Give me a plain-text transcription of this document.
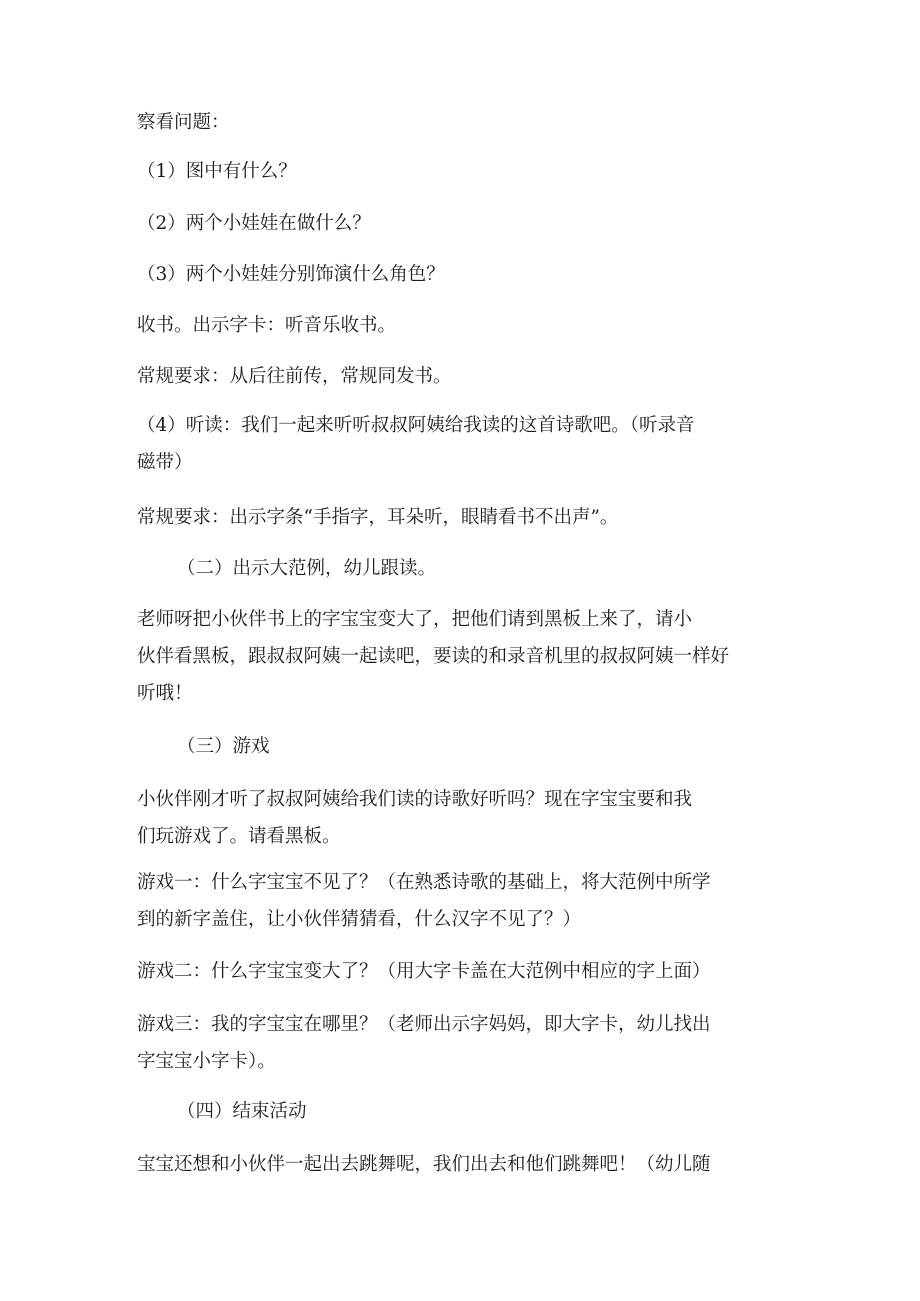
察看问题：

（1）图中有什么？

（2）两个小娃娃在做什么？

（3）两个小娃娃分别饰演什么角色？

收书。出示字卡：听音乐收书。

常规要求：从后往前传，常规同发书。

（4）听读：我们一起来听听叔叔阿姨给我读的这首诗歌吧。（听录音
磁带）

常规要求：出示字条“手指字，耳朵听，眼睛看书不出声”。

（二）出示大范例，幼儿跟读。

老师呀把小伙伴书上的字宝宝变大了，把他们请到黑板上来了，请小
伙伴看黑板，跟叔叔阿姨一起读吧，要读的和录音机里的叔叔阿姨一样好
听哦！

（三）游戏

小伙伴刚才听了叔叔阿姨给我们读的诗歌好听吗？现在字宝宝要和我
们玩游戏了。请看黑板。

游戏一：什么字宝宝不见了？（在熟悉诗歌的基础上，将大范例中所学
到的新字盖住，让小伙伴猜猜看，什么汉字不见了？）

游戏二：什么字宝宝变大了？（用大字卡盖在大范例中相应的字上面）

游戏三：我的字宝宝在哪里？（老师出示字妈妈，即大字卡，幼儿找出
字宝宝小字卡）。

（四）结束活动

宝宝还想和小伙伴一起出去跳舞呢，我们出去和他们跳舞吧！（幼儿随
